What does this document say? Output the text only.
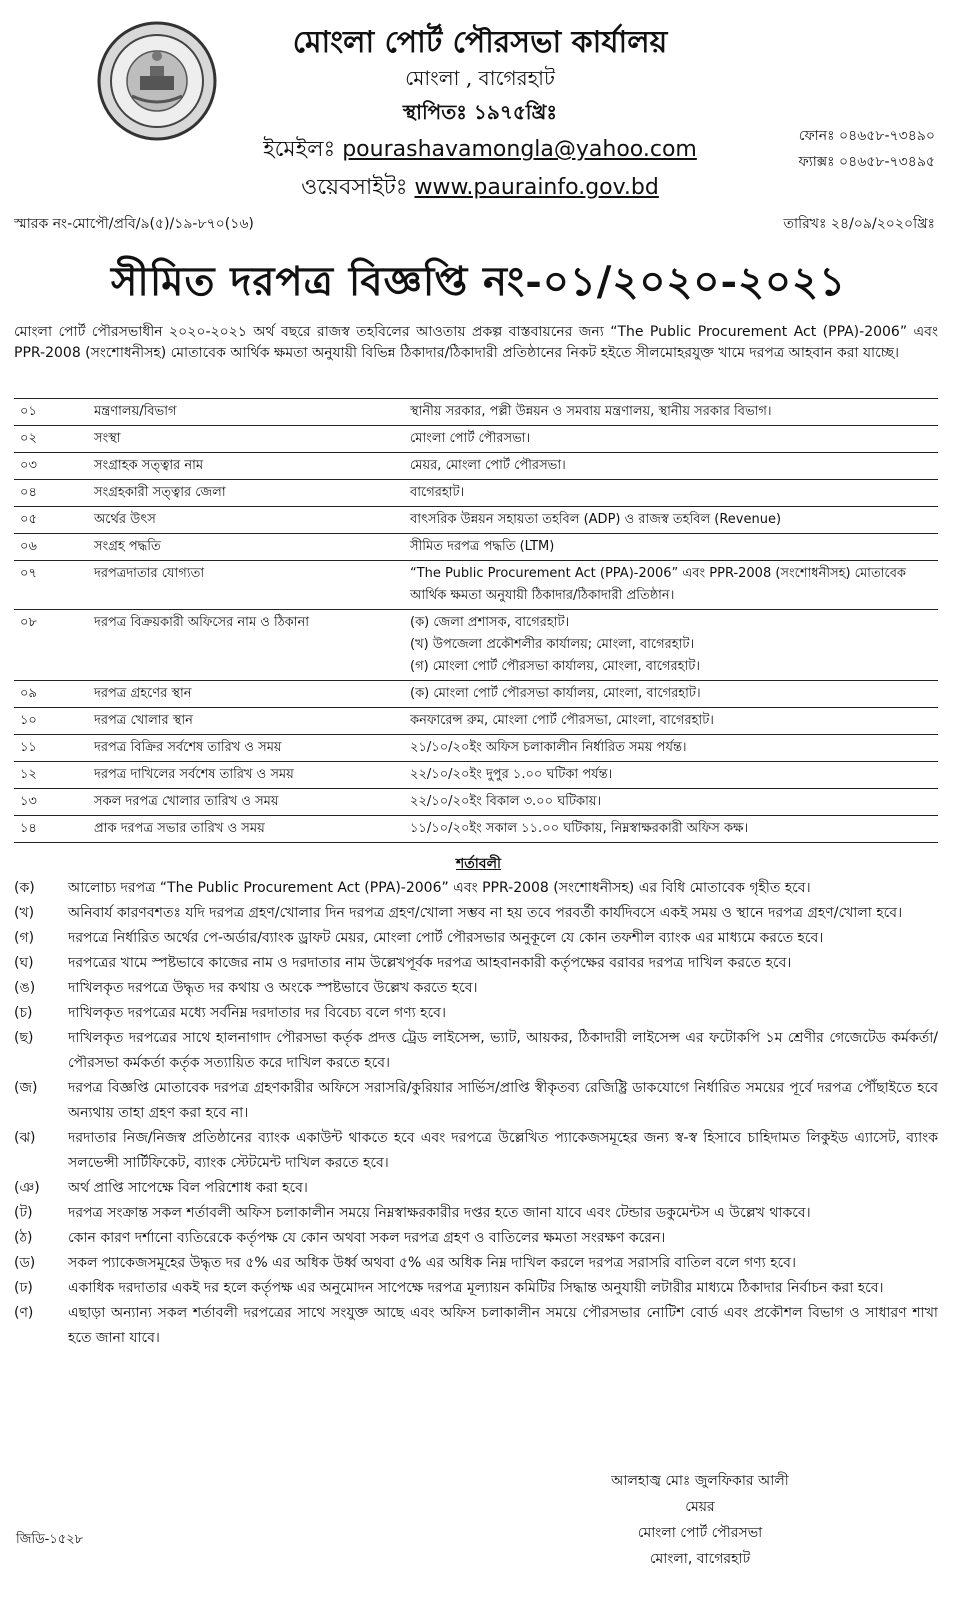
মোংলা পোর্ট পৌরসভা কার্যালয়
মোংলা , বাগেরহাট
স্থাপিতঃ ১৯৭৫খ্রিঃ
ইমেইলঃ pourashavamongla@yahoo.com
ওয়েবসাইটঃ www.paurainfo.gov.bd
ফোনঃ ০৪৬৫৮-৭৩৪৯০
ফ্যাক্সঃ ০৪৬৫৮-৭৩৪৯৫
স্মারক নং-মোপৌ/প্রবি/৯(৫)/১৯-৮৭০(১৬)	তারিখঃ ২৪/০৯/২০২০খ্রিঃ
সীমিত দরপত্র বিজ্ঞপ্তি নং-০১/২০২০-২০২১
মোংলা পোর্ট পৌরসভাধীন ২০২০-২০২১ অর্থ বছরে রাজস্ব তহবিলের আওতায় প্রকল্প বাস্তবায়নের জন্য “The Public Procurement Act (PPA)-2006” এবং PPR-2008 (সংশোধনীসহ) মোতাবেক আর্থিক ক্ষমতা অনুযায়ী বিভিন্ন ঠিকাদার/ঠিকাদারী প্রতিষ্ঠানের নিকট হইতে সীলমোহরযুক্ত খামে দরপত্র আহবান করা যাচ্ছে।
০১	মন্ত্রণালয়/বিভাগ	স্থানীয় সরকার, পল্লী উন্নয়ন ও সমবায় মন্ত্রণালয়, স্থানীয় সরকার বিভাগ।

০২	সংস্থা	মোংলা পোর্ট পৌরসভা।

০৩	সংগ্রাহক সত্ত্বার নাম	মেয়র, মোংলা পোর্ট পৌরসভা।

০৪	সংগ্রহকারী সত্ত্বার জেলা	বাগেরহাট।

০৫	অর্থের উৎস	বাৎসরিক উন্নয়ন সহায়তা তহবিল (ADP) ও রাজস্ব তহবিল (Revenue)

০৬	সংগ্রহ পদ্ধতি	সীমিত দরপত্র পদ্ধতি (LTM)

০৭	দরপত্রদাতার যোগ্যতা	“The Public Procurement Act (PPA)-2006” এবং PPR-2008 (সংশোধনীসহ) মোতাবেক আর্থিক ক্ষমতা অনুযায়ী ঠিকাদার/ঠিকাদারী প্রতিষ্ঠান।

০৮	দরপত্র বিক্রয়কারী অফিসের নাম ও ঠিকানা	(ক) জেলা প্রশাসক, বাগেরহাট।
(খ) উপজেলা প্রকৌশলীর কার্যালয়; মোংলা, বাগেরহাট।
(গ) মোংলা পোর্ট পৌরসভা কার্যালয়, মোংলা, বাগেরহাট।

০৯	দরপত্র গ্রহণের স্থান	(ক) মোংলা পোর্ট পৌরসভা কার্যালয়, মোংলা, বাগেরহাট।

১০	দরপত্র খোলার স্থান	কনফারেন্স রুম, মোংলা পোর্ট পৌরসভা, মোংলা, বাগেরহাট।

১১	দরপত্র বিক্রির সর্বশেষ তারিখ ও সময়	২১/১০/২০ইং অফিস চলাকালীন নির্ধারিত সময় পর্যন্ত।

১২	দরপত্র দাখিলের সর্বশেষ তারিখ ও সময়	২২/১০/২০ইং দুপুর ১.০০ ঘটিকা পর্যন্ত।

১৩	সকল দরপত্র খোলার তারিখ ও সময়	২২/১০/২০ইং বিকাল ৩.০০ ঘটিকায়।

১৪	প্রাক দরপত্র সভার তারিখ ও সময়	১১/১০/২০ইং সকাল ১১.০০ ঘটিকায়, নিম্নস্বাক্ষরকারী অফিস কক্ষ।
শর্তাবলী
(ক)	আলোচ্য দরপত্র “The Public Procurement Act (PPA)-2006” এবং PPR-2008 (সংশোধনীসহ) এর বিধি মোতাবেক গৃহীত হবে।
(খ)	অনিবার্য কারণবশতঃ যদি দরপত্র গ্রহণ/খোলার দিন দরপত্র গ্রহণ/খোলা সম্ভব না হয় তবে পরবর্তী কার্যদিবসে একই সময় ও স্থানে দরপত্র গ্রহণ/খোলা হবে।
(গ)	দরপত্রে নির্ধারিত অর্থের পে-অর্ডার/ব্যাংক ড্রাফট মেয়র, মোংলা পোর্ট পৌরসভার অনুকূলে যে কোন তফশীল ব্যাংক এর মাধ্যমে করতে হবে।
(ঘ)	দরপত্রের খামে স্পষ্টভাবে কাজের নাম ও দরদাতার নাম উল্লেখপূর্বক দরপত্র আহবানকারী কর্তৃপক্ষের বরাবর দরপত্র দাখিল করতে হবে।
(ঙ)	দাখিলকৃত দরপত্রে উদ্ধৃত দর কথায় ও অংকে স্পষ্টভাবে উল্লেখ করতে হবে।
(চ)	দাখিলকৃত দরপত্রের মধ্যে সর্বনিম্ন দরদাতার দর বিবেচ্য বলে গণ্য হবে।
(ছ)	দাখিলকৃত দরপত্রের সাথে হালনাগাদ পৌরসভা কর্তৃক প্রদত্ত ট্রেড লাইসেন্স, ভ্যাট, আয়কর, ঠিকাদারী লাইসেন্স এর ফটোকপি ১ম শ্রেণীর গেজেটেড কর্মকর্তা/পৌরসভা কর্মকর্তা কর্তৃক সত্যায়িত করে দাখিল করতে হবে।
(জ)	দরপত্র বিজ্ঞপ্তি মোতাবেক দরপত্র গ্রহণকারীর অফিসে সরাসরি/কুরিয়ার সার্ভিস/প্রাপ্তি স্বীকৃতব্য রেজিষ্ট্রি ডাকযোগে নির্ধারিত সময়ের পূর্বে দরপত্র পৌঁছাইতে হবে অন্যথায় তাহা গ্রহণ করা হবে না।
(ঝ)	দরদাতার নিজ/নিজস্ব প্রতিষ্ঠানের ব্যাংক একাউন্ট থাকতে হবে এবং দরপত্রে উল্লেখিত প্যাকেজসমূহের জন্য স্ব-স্ব হিসাবে চাহিদামত লিকুইড এ্যাসেট, ব্যাংক সলভেন্সী সার্টিফিকেট, ব্যাংক স্টেটমেন্ট দাখিল করতে হবে।
(ঞ)	অর্থ প্রাপ্তি সাপেক্ষে বিল পরিশোধ করা হবে।
(ট)	দরপত্র সংক্রান্ত সকল শর্তাবলী অফিস চলাকালীন সময়ে নিম্নস্বাক্ষরকারীর দপ্তর হতে জানা যাবে এবং টেন্ডার ডকুমেন্টস এ উল্লেখ থাকবে।
(ঠ)	কোন কারণ দর্শানো ব্যতিরেকে কর্তৃপক্ষ যে কোন অথবা সকল দরপত্র গ্রহণ ও বাতিলের ক্ষমতা সংরক্ষণ করেন।
(ড)	সকল প্যাকেজসমূহের উদ্ধৃত দর ৫% এর অধিক উর্ধ্ব অথবা ৫% এর অধিক নিম্ন দাখিল করলে দরপত্র সরাসরি বাতিল বলে গণ্য হবে।
(ঢ)	একাধিক দরদাতার একই দর হলে কর্তৃপক্ষ এর অনুমোদন সাপেক্ষে দরপত্র মূল্যায়ন কমিটির সিদ্ধান্ত অনুযায়ী লটারীর মাধ্যমে ঠিকাদার নির্বাচন করা হবে।
(ণ)	এছাড়া অন্যান্য সকল শর্তাবলী দরপত্রের সাথে সংযুক্ত আছে এবং অফিস চলাকালীন সময়ে পৌরসভার নোটিশ বোর্ড এবং প্রকৌশল বিভাগ ও সাধারণ শাখা হতে জানা যাবে।
আলহাজ্ব মোঃ জুলফিকার আলী
মেয়র
মোংলা পোর্ট পৌরসভা
মোংলা, বাগেরহাট
জিডি-১৫২৮
